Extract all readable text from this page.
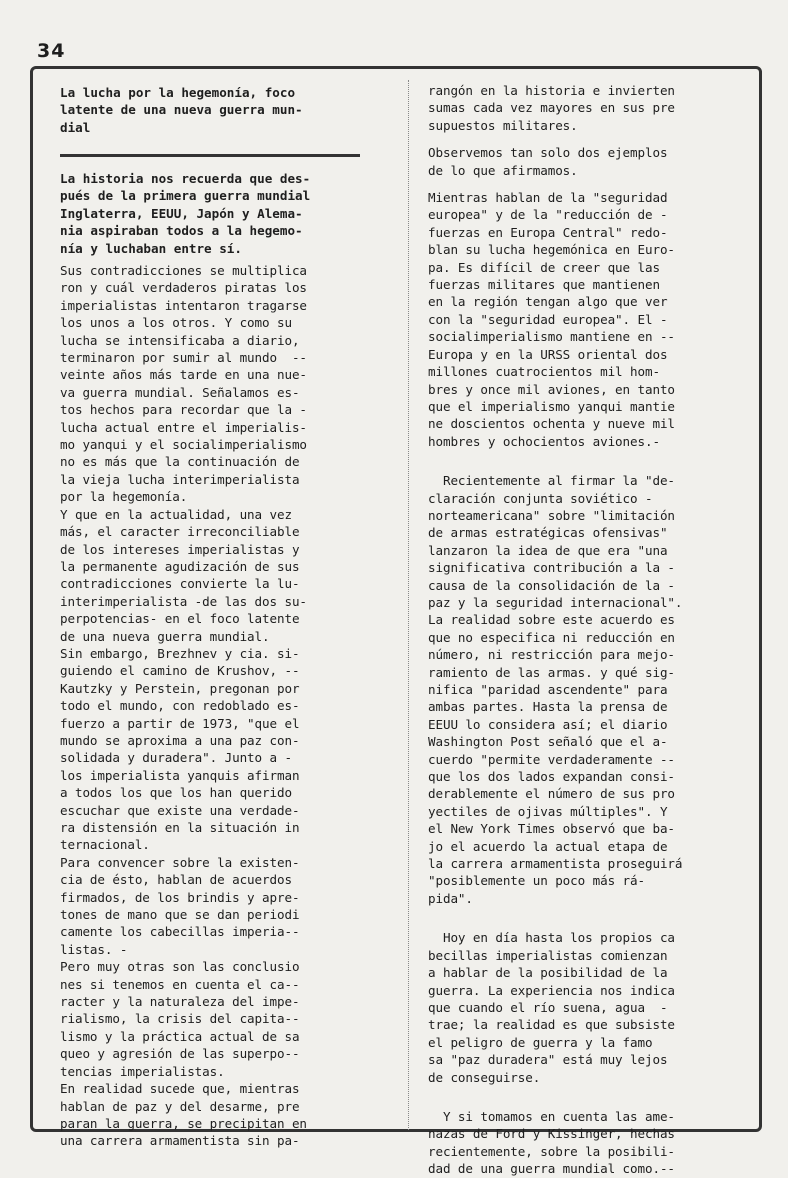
34

La lucha por la hegemonía, foco

latente de una nueva guerra mun-

dial

La historia nos recuerda que des-

pués de la primera guerra mundial

Inglaterra, EEUU, Japón y Alema-

nia aspiraban todos a la hegemo-

nía y luchaban entre sí.

Sus contradicciones se multiplica

ron y cuál verdaderos piratas los

imperialistas intentaron tragarse

los unos a los otros. Y como su

lucha se intensificaba a diario,

terminaron por sumir al mundo  --

veinte años más tarde en una nue-

va guerra mundial. Señalamos es-

tos hechos para recordar que la -

lucha actual entre el imperialis-

mo yanqui y el socialimperialismo

no es más que la continuación de

la vieja lucha interimperialista

por la hegemonía.

Y que en la actualidad, una vez

más, el caracter irreconciliable

de los intereses imperialistas y

la permanente agudización de sus

contradicciones convierte la lu-

interimperialista -de las dos su-

perpotencias- en el foco latente

de una nueva guerra mundial.

Sin embargo, Brezhnev y cia. si-

guiendo el camino de Krushov, --

Kautzky y Perstein, pregonan por

todo el mundo, con redoblado es-

fuerzo a partir de 1973, "que el

mundo se aproxima a una paz con-

solidada y duradera". Junto a -

los imperialista yanquis afirman

a todos los que los han querido

escuchar que existe una verdade-

ra distensión en la situación in

ternacional.

Para convencer sobre la existen-

cia de ésto, hablan de acuerdos

firmados, de los brindis y apre-

tones de mano que se dan periodi

camente los cabecillas imperia--

listas. -

Pero muy otras son las conclusio

nes si tenemos en cuenta el ca--

racter y la naturaleza del impe-

rialismo, la crisis del capita--

lismo y la práctica actual de sa

queo y agresión de las superpo--

tencias imperialistas.

En realidad sucede que, mientras

hablan de paz y del desarme, pre

paran la guerra, se precipitan en

una carrera armamentista sin pa-

rangón en la historia e invierten

sumas cada vez mayores en sus pre

supuestos militares.

Observemos tan solo dos ejemplos

de lo que afirmamos.

Mientras hablan de la "seguridad

europea" y de la "reducción de -

fuerzas en Europa Central" redo-

blan su lucha hegemónica en Euro-

pa. Es difícil de creer que las

fuerzas militares que mantienen

en la región tengan algo que ver

con la "seguridad europea". El -

socialimperialismo mantiene en --

Europa y en la URSS oriental dos

millones cuatrocientos mil hom-

bres y once mil aviones, en tanto

que el imperialismo yanqui mantie

ne doscientos ochenta y nueve mil

hombres y ochocientos aviones.-

Recientemente al firmar la "de-

claración conjunta soviético -

norteamericana" sobre "limitación

de armas estratégicas ofensivas"

lanzaron la idea de que era "una

significativa contribución a la -

causa de la consolidación de la -

paz y la seguridad internacional".

La realidad sobre este acuerdo es

que no especifica ni reducción en

número, ni restricción para mejo-

ramiento de las armas. y qué sig-

nifica "paridad ascendente" para

ambas partes. Hasta la prensa de

EEUU lo considera así; el diario

Washington Post señaló que el a-

cuerdo "permite verdaderamente --

que los dos lados expandan consi-

derablemente el número de sus pro

yectiles de ojivas múltiples". Y

el New York Times observó que ba-

jo el acuerdo la actual etapa de

la carrera armamentista proseguirá

"posiblemente un poco más rá-

pida".

Hoy en día hasta los propios ca

becillas imperialistas comienzan

a hablar de la posibilidad de la

guerra. La experiencia nos indica

que cuando el río suena, agua  -

trae; la realidad es que subsiste

el peligro de guerra y la famo

sa "paz duradera" está muy lejos

de conseguirse.

Y si tomamos en cuenta las ame-

nazas de Ford y Kissinger, hechas

recientemente, sobre la posibili-

dad de una guerra mundial como.--
